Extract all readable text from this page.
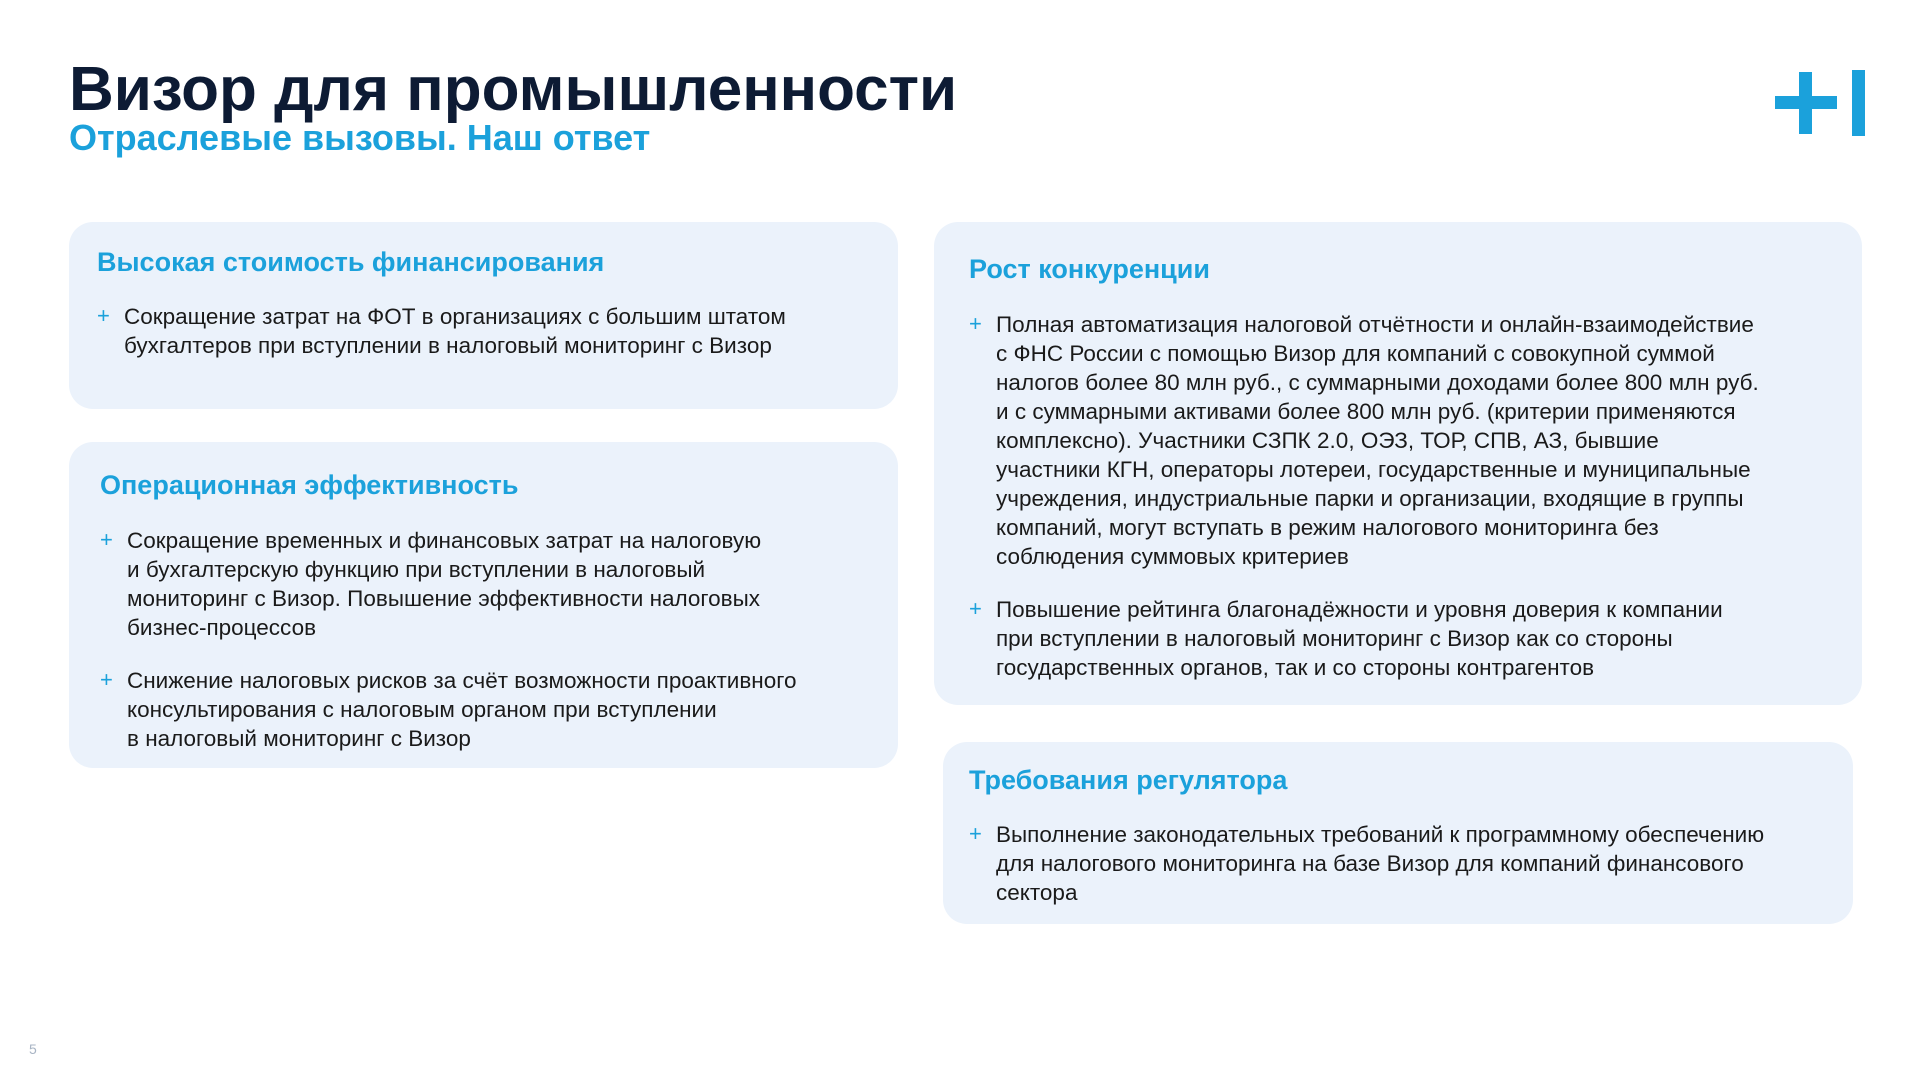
Визор для промышленности
Отраслевые вызовы. Наш ответ
Высокая стоимость финансирования
+ Сокращение затрат на ФОТ в организациях с большим штатом
бухгалтеров при вступлении в налоговый мониторинг с Визор
Операционная эффективность
+ Сокращение временных и финансовых затрат на налоговую
и бухгалтерскую функцию при вступлении в налоговый
мониторинг с Визор. Повышение эффективности налоговых
бизнес-процессов
+ Снижение налоговых рисков за счёт возможности проактивного
консультирования с налоговым органом при вступлении
в налоговый мониторинг с Визор
Рост конкуренции
+ Полная автоматизация налоговой отчётности и онлайн-взаимодействие
с ФНС России с помощью Визор для компаний с совокупной суммой
налогов более 80 млн руб., с суммарными доходами более 800 млн руб.
и с суммарными активами более 800 млн руб. (критерии применяются
комплексно). Участники СЗПК 2.0, ОЭЗ, ТОР, СПВ, АЗ, бывшие
участники КГН, операторы лотереи, государственные и муниципальные
учреждения, индустриальные парки и организации, входящие в группы
компаний, могут вступать в режим налогового мониторинга без
соблюдения суммовых критериев
+ Повышение рейтинга благонадёжности и уровня доверия к компании
при вступлении в налоговый мониторинг с Визор как со стороны
государственных органов, так и со стороны контрагентов
Требования регулятора
+ Выполнение законодательных требований к программному обеспечению
для налогового мониторинга на базе Визор для компаний финансового
сектора
5
